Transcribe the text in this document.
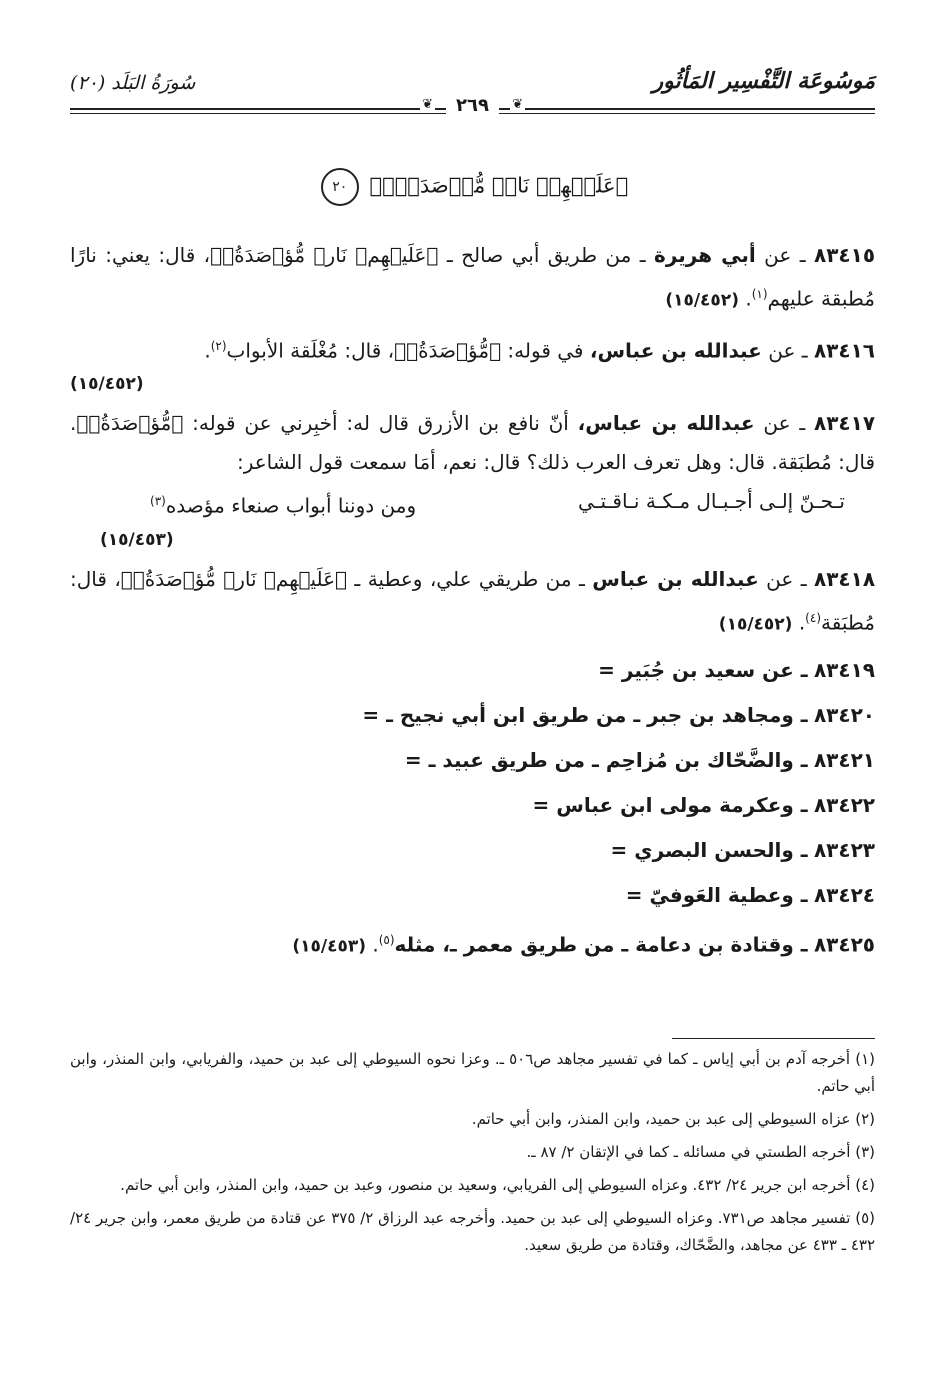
مَوسُوعَة التَّفْسِير المَأثُور
سُورَةُ البَلَد (٢٠)
❦
❦	٢٦٩
﴿عَلَيۡهِمۡ نَارٞ مُّؤۡصَدَةُۢ﴾ ٢٠
٨٣٤١٥ ـ عن أبي هريرة ـ من طريق أبي صالح ـ ﴿عَلَيۡهِمۡ نَارٞ مُّؤۡصَدَةُۢ﴾، قال: يعني: نارًا مُطبقة عليهم$^{(١)}$. (١٥/٤٥٢)
٨٣٤١٦ ـ عن عبدالله بن عباس، في قوله: ﴿مُّؤۡصَدَةُۢ﴾، قال: مُغْلَقة الأبواب$^{(٢)}$.
(١٥/٤٥٢)
٨٣٤١٧ ـ عن عبدالله بن عباس، أنّ نافع بن الأزرق قال له: أخبِرني عن قوله: ﴿مُّؤۡصَدَةُۢ﴾. قال: مُطبَقة. قال: وهل تعرف العرب ذلك؟ قال: نعم، أمَا سمعت قول الشاعر:
تـحـنّ إلـى أجـبـال مـكـة نـاقـتـي
ومن دوننا أبواب صنعاء مؤصده$^{(٣)}$
(١٥/٤٥٣)
٨٣٤١٨ ـ عن عبدالله بن عباس ـ من طريقي علي، وعطية ـ ﴿عَلَيۡهِمۡ نَارٞ مُّؤۡصَدَةُۢ﴾، قال: مُطبَقة$^{(٤)}$. (١٥/٤٥٢)
٨٣٤١٩ ـ عن سعيد بن جُبَير =
٨٣٤٢٠ ـ ومجاهد بن جبر ـ من طريق ابن أبي نجيح ـ =
٨٣٤٢١ ـ والضَّحّاك بن مُزاحِم ـ من طريق عبيد ـ =
٨٣٤٢٢ ـ وعكرمة مولى ابن عباس =
٨٣٤٢٣ ـ والحسن البصري =
٨٣٤٢٤ ـ وعطية العَوفيّ =
٨٣٤٢٥ ـ وقتادة بن دعامة ـ من طريق معمر ـ، مثله$^{(٥)}$. (١٥/٤٥٣)
(١) أخرجه آدم بن أبي إياس ـ كما في تفسير مجاهد ص٥٠٦ ـ. وعزا نحوه السيوطي إلى عبد بن حميد، والفريابي، وابن المنذر، وابن أبي حاتم.
(٢) عزاه السيوطي إلى عبد بن حميد، وابن المنذر، وابن أبي حاتم.
(٣) أخرجه الطستي في مسائله ـ كما في الإتقان ٢/ ٨٧ ـ.
(٤) أخرجه ابن جرير ٢٤/ ٤٣٢. وعزاه السيوطي إلى الفريابي، وسعيد بن منصور، وعبد بن حميد، وابن المنذر، وابن أبي حاتم.
(٥) تفسير مجاهد ص٧٣١. وعزاه السيوطي إلى عبد بن حميد. وأخرجه عبد الرزاق ٢/ ٣٧٥ عن قتادة من طريق معمر، وابن جرير ٢٤/ ٤٣٢ ـ ٤٣٣ عن مجاهد، والضَّحّاك، وقتادة من طريق سعيد.
